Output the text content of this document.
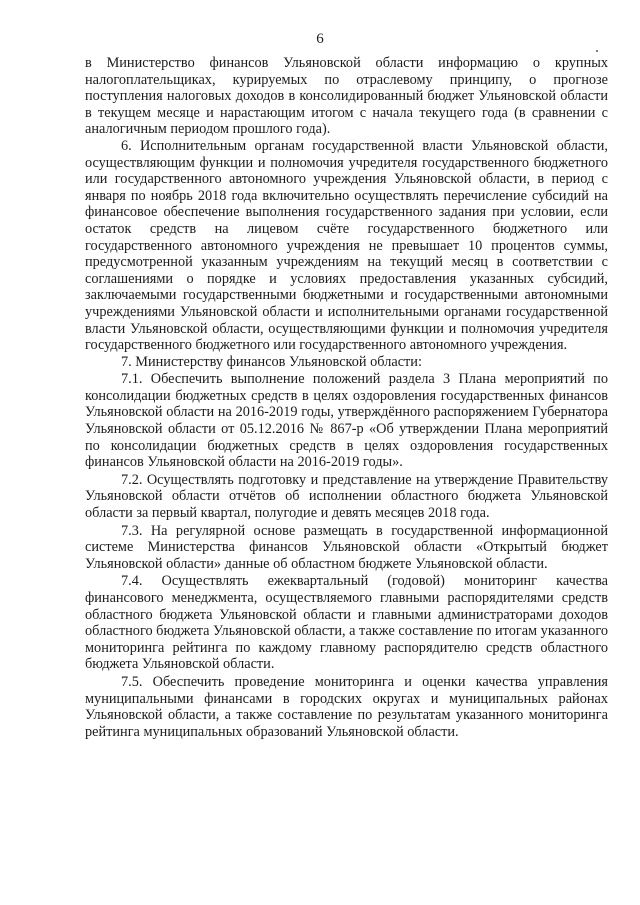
6

в Министерство финансов Ульяновской области информацию о крупных налогоплательщиках, курируемых по отраслевому принципу, о прогнозе поступления налоговых доходов в консолидированный бюджет Ульяновской области в текущем месяце и нарастающим итогом с начала текущего года (в сравнении с аналогичным периодом прошлого года).

6. Исполнительным органам государственной власти Ульяновской области, осуществляющим функции и полномочия учредителя государственного бюджетного или государственного автономного учреждения Ульяновской области, в период с января по ноябрь 2018 года включительно осуществлять перечисление субсидий на финансовое обеспечение выполнения государственного задания при условии, если остаток средств на лицевом счёте государственного бюджетного или государственного автономного учреждения не превышает 10 процентов суммы, предусмотренной указанным учреждениям на текущий месяц в соответствии с соглашениями о порядке и условиях предоставления указанных субсидий, заключаемыми государственными бюджетными и государственными автономными учреждениями Ульяновской области и исполнительными органами государственной власти Ульяновской области, осуществляющими функции и полномочия учредителя государственного бюджетного или государственного автономного учреждения.

7. Министерству финансов Ульяновской области:

7.1. Обеспечить выполнение положений раздела 3 Плана мероприятий по консолидации бюджетных средств в целях оздоровления государственных финансов Ульяновской области на 2016-2019 годы, утверждённого распоряжением Губернатора Ульяновской области от 05.12.2016 № 867-р «Об утверждении Плана мероприятий по консолидации бюджетных средств в целях оздоровления государственных финансов Ульяновской области на 2016-2019 годы».

7.2. Осуществлять подготовку и представление на утверждение Правительству Ульяновской области отчётов об исполнении областного бюджета Ульяновской области за первый квартал, полугодие и девять месяцев 2018 года.

7.3. На регулярной основе размещать в государственной информационной системе Министерства финансов Ульяновской области «Открытый бюджет Ульяновской области» данные об областном бюджете Ульяновской области.

7.4. Осуществлять ежеквартальный (годовой) мониторинг качества финансового менеджмента, осуществляемого главными распорядителями средств областного бюджета Ульяновской области и главными администраторами доходов областного бюджета Ульяновской области, а также составление по итогам указанного мониторинга рейтинга по каждому главному распорядителю средств областного бюджета Ульяновской области.

7.5. Обеспечить проведение мониторинга и оценки качества управления муниципальными финансами в городских округах и муниципальных районах Ульяновской области, а также составление по результатам указанного мониторинга рейтинга муниципальных образований Ульяновской области.
